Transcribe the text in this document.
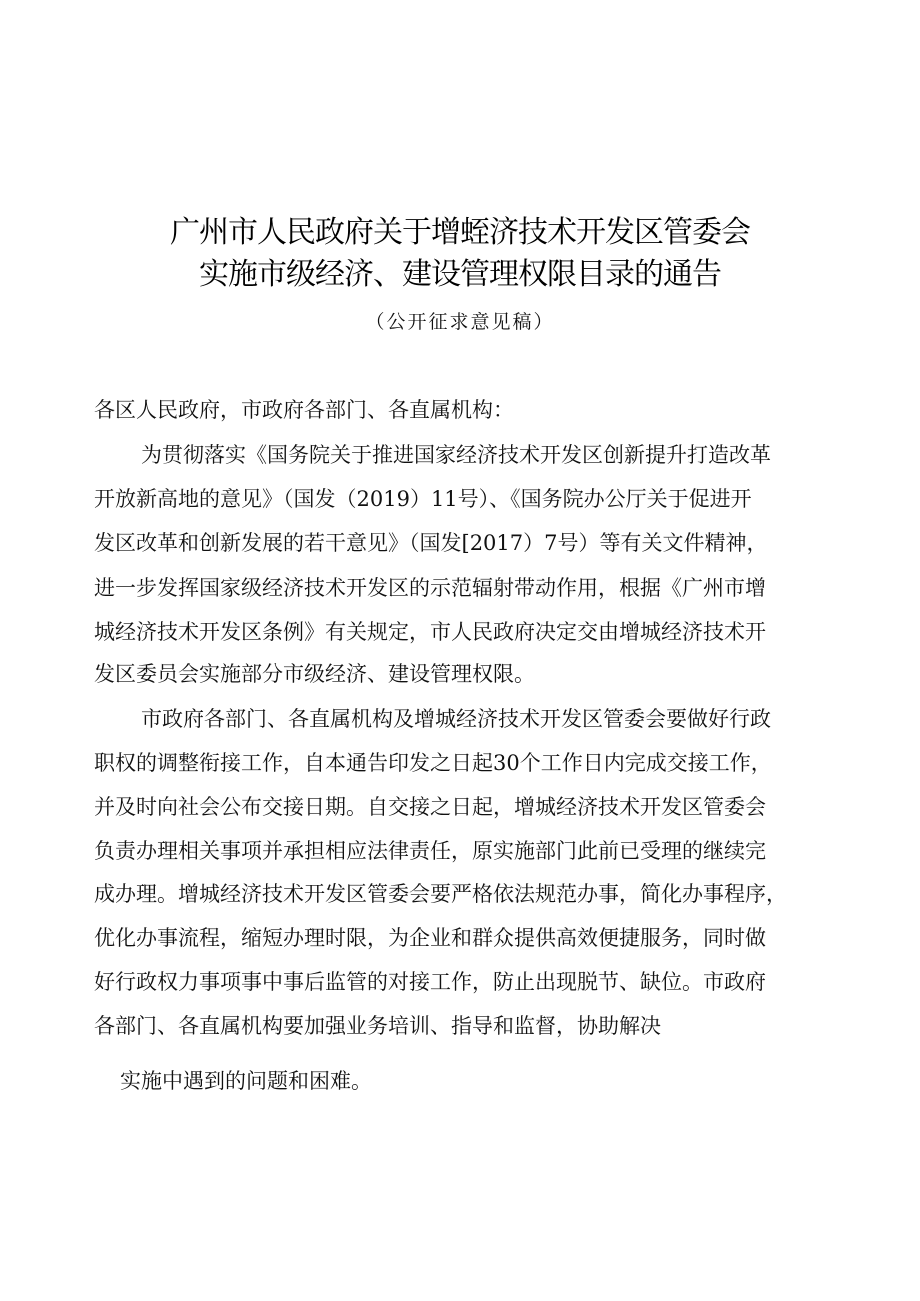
广州市人民政府关于增蛭济技术开发区管委会
实施市级经济、建设管理权限目录的通告
（公开征求意见稿）
各区人民政府，市政府各部门、各直属机构：
为贯彻落实《国务院关于推进国家经济技术开发区创新提升打造改革
开放新高地的意见》（国发（2019）11号）、《国务院办公厅关于促进开
发区改革和创新发展的若干意见》（国发[2017）7号）等有关文件精神，
进一步发挥国家级经济技术开发区的示范辐射带动作用，根据《广州市增
城经济技术开发区条例》有关规定，市人民政府决定交由增城经济技术开
发区委员会实施部分市级经济、建设管理权限。
市政府各部门、各直属机构及增城经济技术开发区管委会要做好行政
职权的调整衔接工作，自本通告印发之日起30个工作日内完成交接工作，
并及时向社会公布交接日期。自交接之日起，增城经济技术开发区管委会
负责办理相关事项并承担相应法律责任，原实施部门此前已受理的继续完
成办理。增城经济技术开发区管委会要严格依法规范办事，简化办事程序，
优化办事流程，缩短办理时限，为企业和群众提供高效便捷服务，同时做
好行政权力事项事中事后监管的对接工作，防止出现脱节、缺位。市政府
各部门、各直属机构要加强业务培训、指导和监督，协助解决
实施中遇到的问题和困难。
